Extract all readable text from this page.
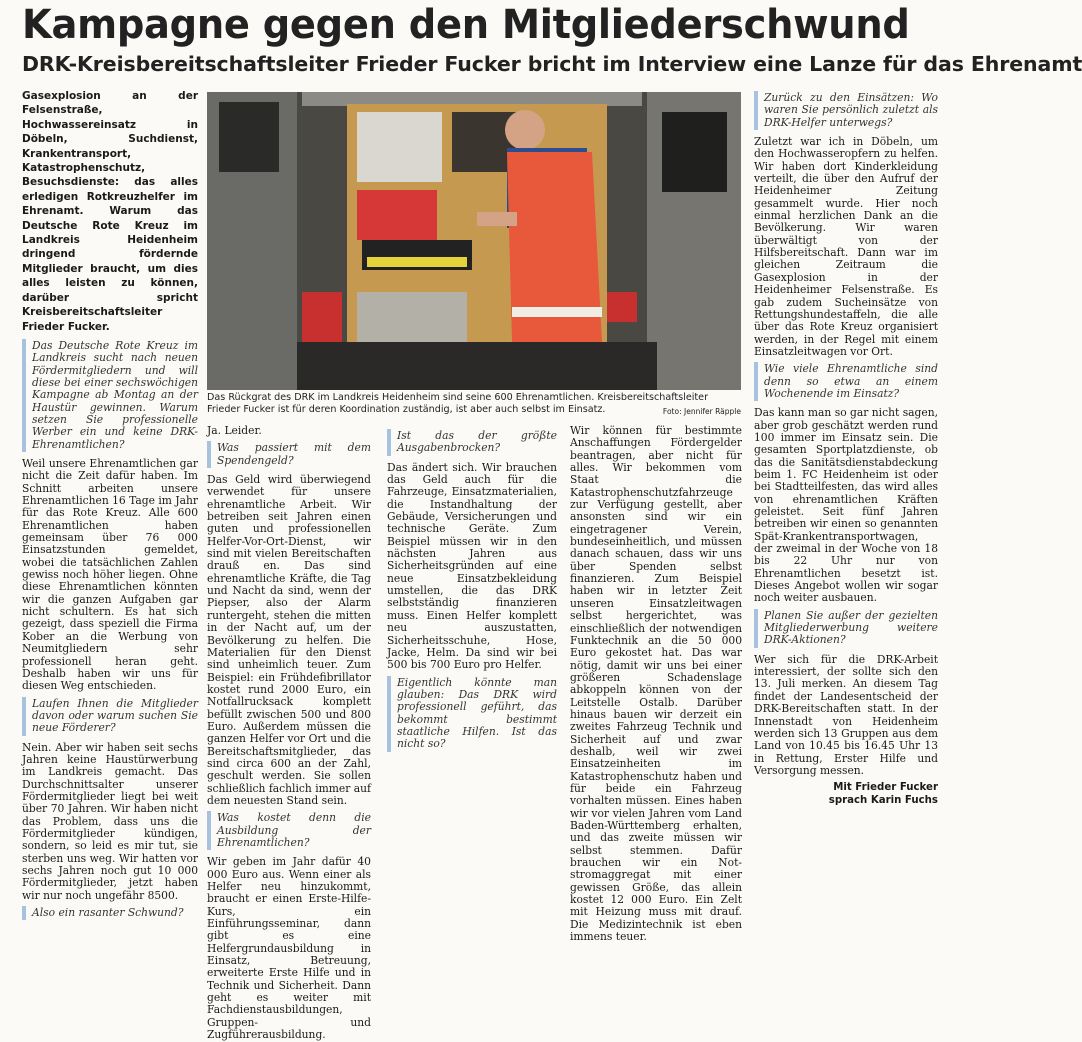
Kampagne gegen den Mitgliederschwund
DRK-Kreisbereitschaftsleiter Frieder Fucker bricht im Interview eine Lanze für das Ehrenamt

Gasexplosion an der Felsenstraße, Hochwassereinsatz in Döbeln, Suchdienst, Krankentransport, Katastrophenschutz, Besuchsdienste: das alles erledigen Rotkreuzhelfer im Ehrenamt. Warum das Deutsche Rote Kreuz im Landkreis Heidenheim dringend fördernde Mitglieder braucht, um dies alles leisten zu können, darüber spricht Kreisbereitschaftsleiter Frieder Fucker.

Das Deutsche Rote Kreuz im Landkreis sucht nach neuen Fördermitgliedern und will diese bei einer sechswöchigen Kampagne ab Montag an der Haustür gewinnen. Warum setzen Sie professionelle Werber ein und keine DRK-Ehrenamtlichen?

Weil unsere Ehrenamtlichen gar nicht die Zeit dafür haben. Im Schnitt arbeiten unsere Ehrenamtlichen 16 Tage im Jahr für das Rote Kreuz. Alle 600 Ehrenamtlichen haben gemeinsam über 76 000 Einsatzstunden gemeldet, wobei die tatsächlichen Zahlen gewiss noch höher liegen. Ohne diese Ehrenamtlichen könnten wir die ganzen Aufgaben gar nicht schultern. Es hat sich gezeigt, dass speziell die Firma Kober an die Werbung von Neumitgliedern sehr professionell heran geht. Deshalb haben wir uns für diesen Weg entschieden.

Laufen Ihnen die Mitglieder davon oder warum suchen Sie neue Förderer?

Nein. Aber wir haben seit sechs Jahren keine Haustürwerbung im Landkreis gemacht. Das Durchschnittsalter unserer Fördermitglieder liegt bei weit über 70 Jahren. Wir haben nicht das Problem, dass uns die Fördermitglieder kündigen, sondern, so leid es mir tut, sie sterben uns weg. Wir hatten vor sechs Jahren noch gut 10 000 Fördermitglieder, jetzt haben wir nur noch ungefähr 8500.

Also ein rasanter Schwund?
Das Rückgrat des DRK im Landkreis Heidenheim sind seine 600 Ehrenamtlichen. Kreisbereitschaftsleiter Frieder Fucker ist für deren Koordination zuständig, ist aber auch selbst im Einsatz.	Foto: Jennifer Räpple

Ja. Leider.

Was passiert mit dem Spendengeld?

Das Geld wird überwiegend verwendet für unsere ehrenamtliche Arbeit. Wir betreiben seit Jahren einen guten und professionellen Helfer-Vor-Ort-Dienst, wir sind mit vielen Bereitschaften drauß en. Das sind ehrenamtliche Kräfte, die Tag und Nacht da sind, wenn der Piepser, also der Alarm runtergeht, stehen die mitten in der Nacht auf, um der Bevölkerung zu helfen. Die Materialien für den Dienst sind unheimlich teuer. Zum Beispiel: ein Frühdefibrillator kostet rund 2000 Euro, ein Notfallrucksack komplett befüllt zwischen 500 und 800 Euro. Außerdem müssen die ganzen Helfer vor Ort und die Bereitschaftsmitglieder, das sind circa 600 an der Zahl, geschult werden. Sie sollen schließlich fachlich immer auf dem neuesten Stand sein.

Was kostet denn die Ausbildung der Ehrenamtlichen?

Wir geben im Jahr dafür 40 000 Euro aus. Wenn einer als Helfer neu hinzukommt, braucht er einen Erste-Hilfe-Kurs, ein Einführungsseminar, dann gibt es eine Helfergrundausbildung in Einsatz, Betreuung, erweiterte Erste Hilfe und in Technik und Sicherheit. Dann geht es weiter mit Fachdienstausbildungen, Gruppen- und Zugführerausbildung.

Ist das der größte Ausgabenbrocken?

Das ändert sich. Wir brauchen das Geld auch für die Fahrzeuge, Einsatzmaterialien, die Instandhaltung der Gebäude, Versicherungen und technische Geräte. Zum Beispiel müssen wir in den nächsten Jahren aus Sicherheitsgründen auf eine neue Einsatzbekleidung umstellen, die das DRK selbstständig finanzieren muss. Einen Helfer komplett neu auszustatten, Sicherheitsschuhe, Hose, Jacke, Helm. Da sind wir bei 500 bis 700 Euro pro Helfer.

Eigentlich könnte man glauben: Das DRK wird professionell geführt, das bekommt bestimmt staatliche Hilfen. Ist das nicht so?

Wir können für bestimmte Anschaffungen Fördergelder beantragen, aber nicht für alles. Wir bekommen vom Staat die Katastrophenschutzfahrzeuge zur Verfügung gestellt, aber ansonsten sind wir ein eingetragener Verein, bundeseinheitlich, und müssen danach schauen, dass wir uns über Spenden selbst finanzieren. Zum Beispiel haben wir in letzter Zeit unseren Einsatzleitwagen selbst hergerichtet, was einschließlich der notwendigen Funktechnik an die 50 000 Euro gekostet hat. Das war nötig, damit wir uns bei einer größeren Schadenslage abkoppeln können von der Leitstelle Ostalb. Darüber hinaus bauen wir derzeit ein zweites Fahrzeug Technik und Sicherheit auf und zwar deshalb, weil wir zwei Einsatzeinheiten im Katastrophenschutz haben und für beide ein Fahrzeug vorhalten müssen. Eines haben wir vor vielen Jahren vom Land Baden-Württemberg erhalten, und das zweite müssen wir selbst stemmen. Dafür brauchen wir ein Not-stromaggregat mit einer gewissen Größe, das allein kostet 12 000 Euro. Ein Zelt mit Heizung muss mit drauf. Die Medizintechnik ist eben immens teuer.

Zurück zu den Einsätzen: Wo waren Sie persönlich zuletzt als DRK-Helfer unterwegs?

Zuletzt war ich in Döbeln, um den Hochwasseropfern zu helfen. Wir haben dort Kinderkleidung verteilt, die über den Aufruf der Heidenheimer Zeitung gesammelt wurde. Hier noch einmal herzlichen Dank an die Bevölkerung. Wir waren überwältigt von der Hilfsbereitschaft. Dann war im gleichen Zeitraum die Gasexplosion in der Heidenheimer Felsenstraße. Es gab zudem Sucheinsätze von Rettungshundestaffeln, die alle über das Rote Kreuz organisiert werden, in der Regel mit einem Einsatzleitwagen vor Ort.

Wie viele Ehrenamtliche sind denn so etwa an einem Wochenende im Einsatz?

Das kann man so gar nicht sagen, aber grob geschätzt werden rund 100 immer im Einsatz sein. Die gesamten Sportplatzdienste, ob das die Sanitätsdienstabdeckung beim 1. FC Heidenheim ist oder bei Stadtteilfesten, das wird alles von ehrenamtlichen Kräften geleistet. Seit fünf Jahren betreiben wir einen so genannten Spät-Krankentransportwagen, der zweimal in der Woche von 18 bis 22 Uhr nur von Ehrenamtlichen besetzt ist. Dieses Angebot wollen wir sogar noch weiter ausbauen.

Planen Sie außer der gezielten Mitgliederwerbung weitere DRK-Aktionen?

Wer sich für die DRK-Arbeit interessiert, der sollte sich den 13. Juli merken. An diesem Tag findet der Landesentscheid der DRK-Bereitschaften statt. In der Innenstadt von Heidenheim werden sich 13 Gruppen aus dem Land von 10.45 bis 16.45 Uhr 13 in Rettung, Erster Hilfe und Versorgung messen.

Mit Frieder Fucker
sprach Karin Fuchs
